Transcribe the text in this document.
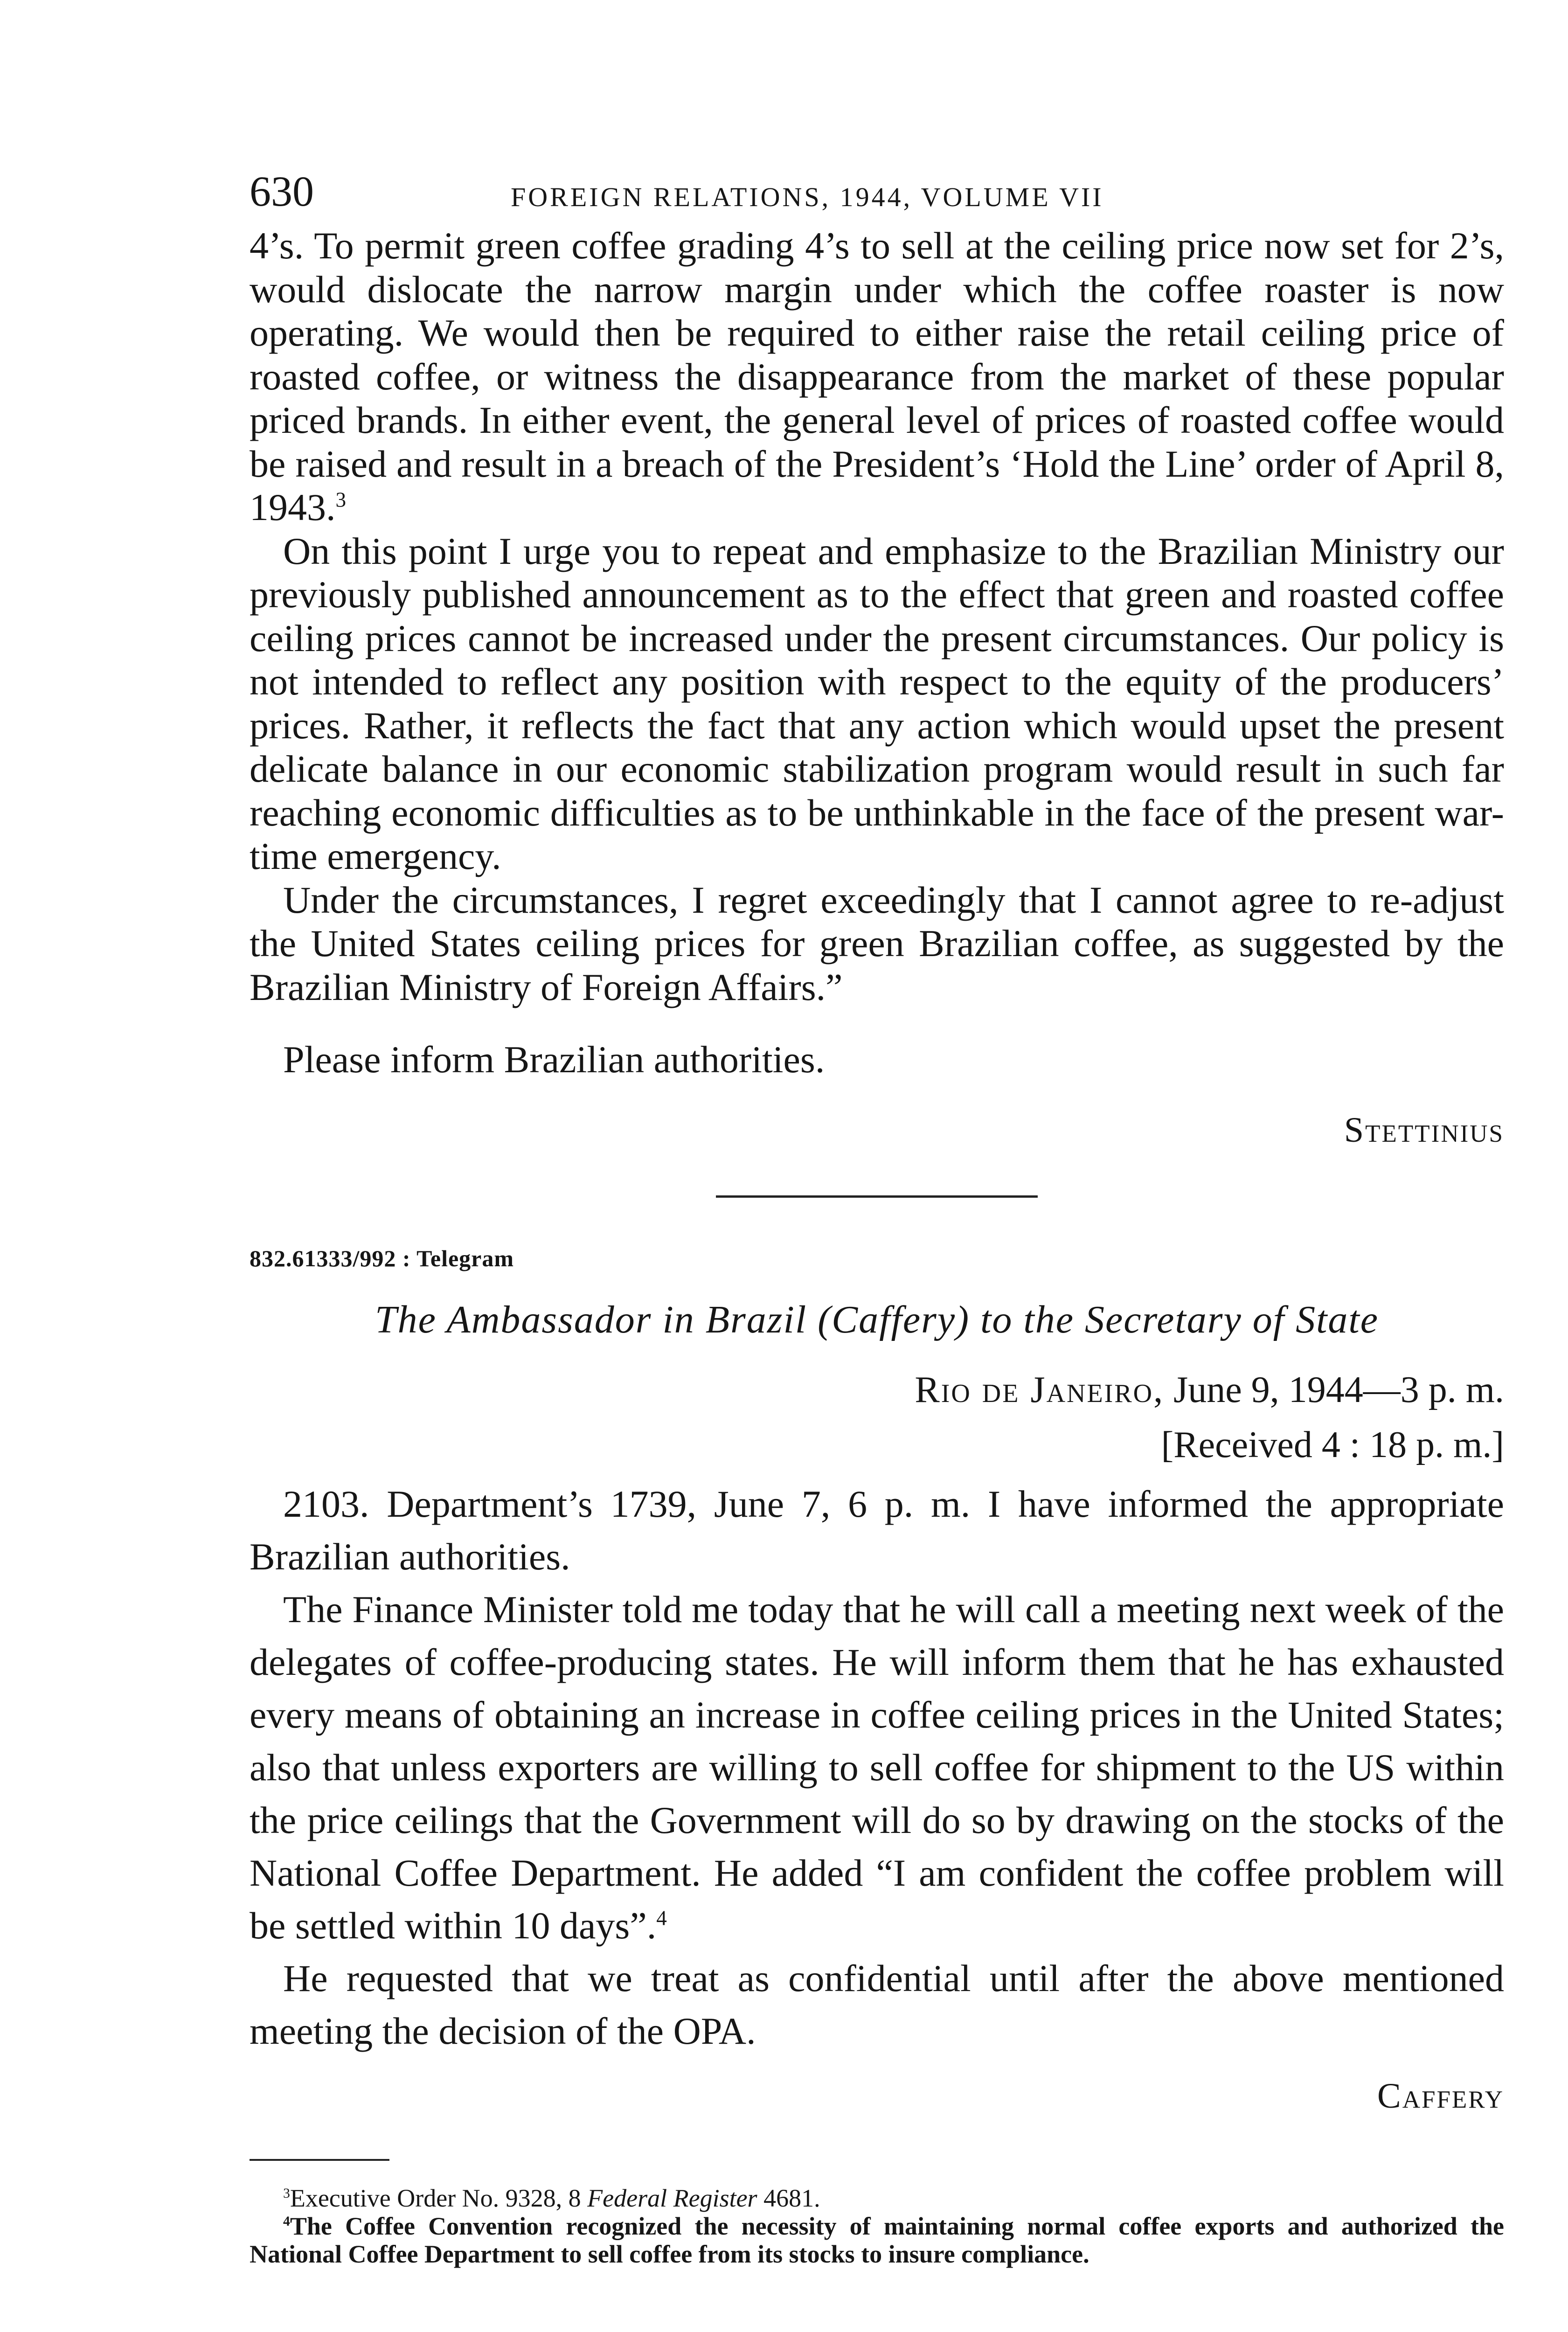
630	FOREIGN RELATIONS, 1944, VOLUME VII

4’s. To permit green coffee grading 4’s to sell at the ceiling price now set for 2’s, would dislocate the narrow margin under which the coffee roaster is now operating. We would then be required to either raise the retail ceiling price of roasted coffee, or witness the disappearance from the market of these popular priced brands. In either event, the general level of prices of roasted coffee would be raised and result in a breach of the President’s ‘Hold the Line’ order of April 8, 1943.$^3$

On this point I urge you to repeat and emphasize to the Brazilian Ministry our previously published announcement as to the effect that green and roasted coffee ceiling prices cannot be increased under the present circumstances. Our policy is not intended to reflect any position with respect to the equity of the producers’ prices. Rather, it reflects the fact that any action which would upset the present delicate balance in our economic stabilization program would result in such far reaching economic difficulties as to be unthinkable in the face of the present war-time emergency.

Under the circumstances, I regret exceedingly that I cannot agree to re-adjust the United States ceiling prices for green Brazilian coffee, as suggested by the Brazilian Ministry of Foreign Affairs.”

Please inform Brazilian authorities.
Stettinius
832.61333/992 : Telegram
The Ambassador in Brazil (Caffery) to the Secretary of State
Rio de Janeiro, June 9, 1944—3 p. m.
[Received 4 : 18 p. m.]

2103. Department’s 1739, June 7, 6 p. m. I have informed the appropriate Brazilian authorities.

The Finance Minister told me today that he will call a meeting next week of the delegates of coffee-producing states. He will inform them that he has exhausted every means of obtaining an increase in coffee ceiling prices in the United States; also that unless exporters are willing to sell coffee for shipment to the US within the price ceilings that the Government will do so by drawing on the stocks of the National Coffee Department. He added “I am confident the coffee problem will be settled within 10 days”.$^4$

He requested that we treat as confidential until after the above mentioned meeting the decision of the OPA.

Caffery

$^3$Executive Order No. 9328, 8 Federal Register 4681.

$^4$The Coffee Convention recognized the necessity of maintaining normal coffee exports and authorized the National Coffee Department to sell coffee from its stocks to insure compliance.
